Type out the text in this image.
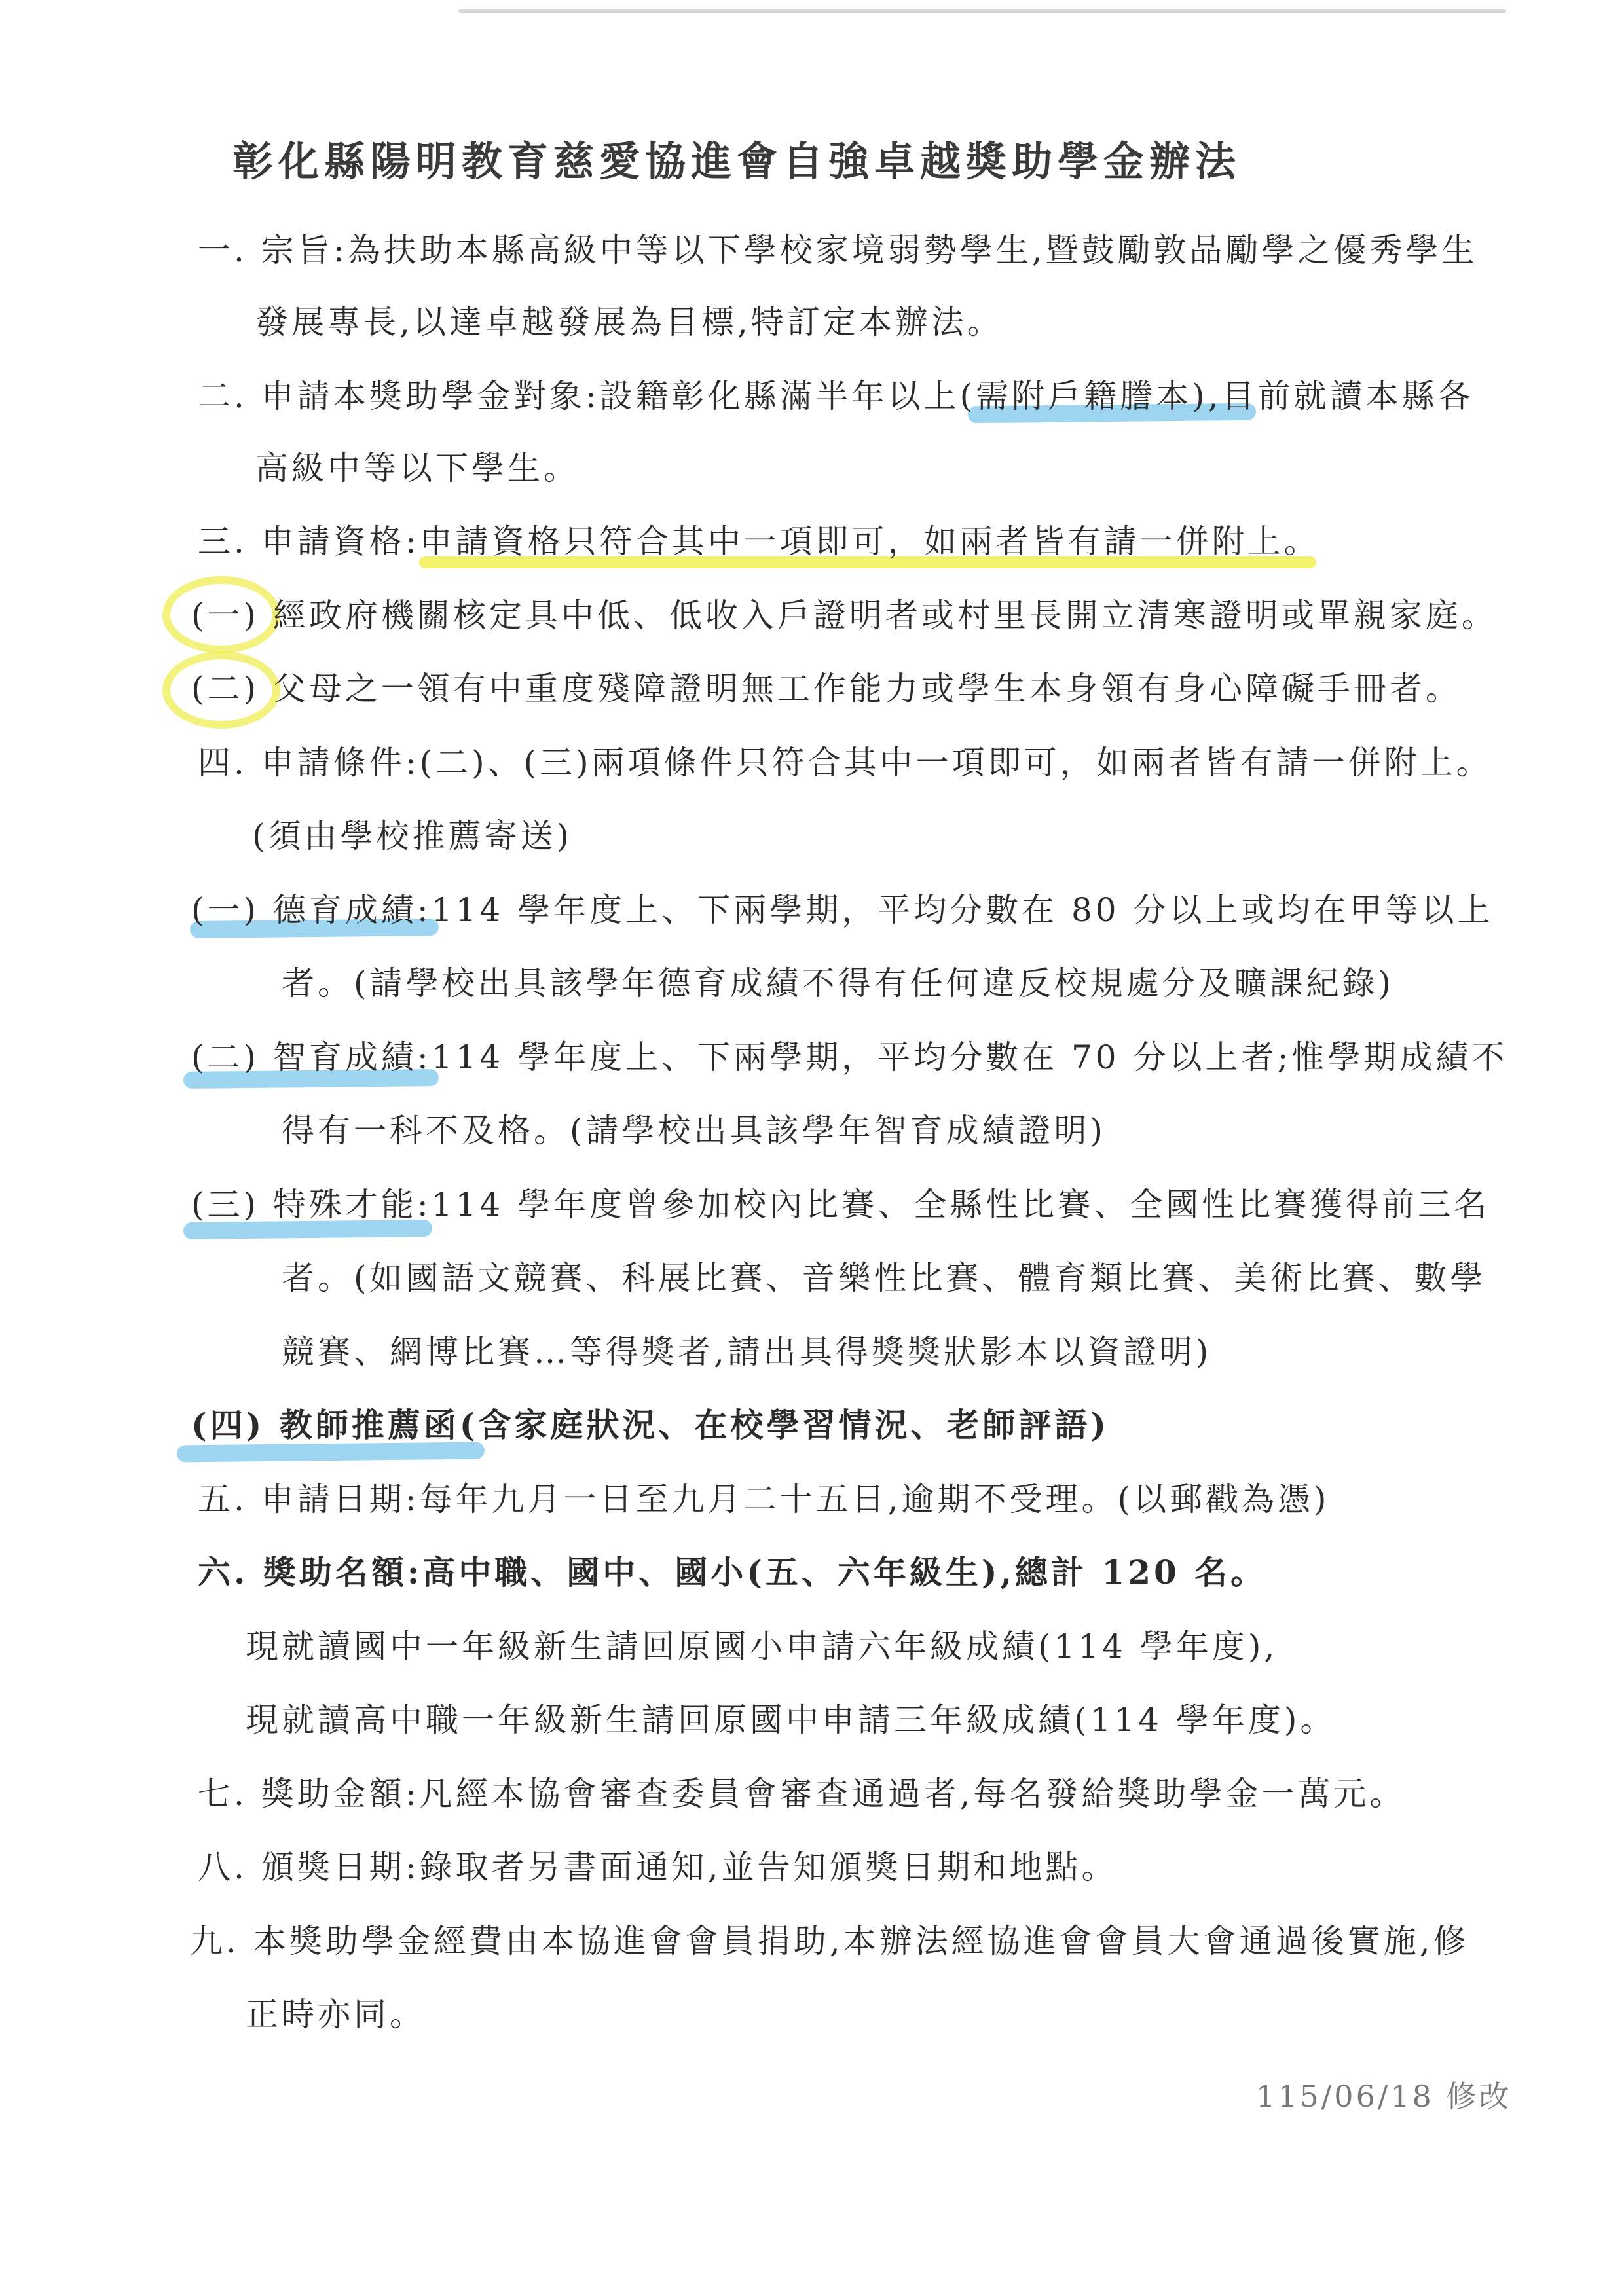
彰化縣陽明教育慈愛協進會自強卓越獎助學金辦法

一. 宗旨:為扶助本縣高級中等以下學校家境弱勢學生,暨鼓勵敦品勵學之優秀學生

發展專長,以達卓越發展為目標,特訂定本辦法。

二. 申請本獎助學金對象:設籍彰化縣滿半年以上(需附戶籍謄本),目前就讀本縣各

高級中等以下學生。

三. 申請資格:申請資格只符合其中一項即可，如兩者皆有請一併附上。

(一) 經政府機關核定具中低、低收入戶證明者或村里長開立清寒證明或單親家庭。

(二) 父母之一領有中重度殘障證明無工作能力或學生本身領有身心障礙手冊者。

四. 申請條件:(二)、(三)兩項條件只符合其中一項即可，如兩者皆有請一併附上。

(須由學校推薦寄送)

(一) 德育成績:114 學年度上、下兩學期，平均分數在 80 分以上或均在甲等以上

者。(請學校出具該學年德育成績不得有任何違反校規處分及曠課紀錄)

(二) 智育成績:114 學年度上、下兩學期，平均分數在 70 分以上者;惟學期成績不

得有一科不及格。(請學校出具該學年智育成績證明)

(三) 特殊才能:114 學年度曾參加校內比賽、全縣性比賽、全國性比賽獲得前三名

者。(如國語文競賽、科展比賽、音樂性比賽、體育類比賽、美術比賽、數學

競賽、網博比賽…等得獎者,請出具得獎獎狀影本以資證明)

(四) 教師推薦函(含家庭狀況、在校學習情況、老師評語)

五. 申請日期:每年九月一日至九月二十五日,逾期不受理。(以郵戳為憑)

六. 獎助名額:高中職、國中、國小(五、六年級生),總計 120 名。

現就讀國中一年級新生請回原國小申請六年級成績(114 學年度),

現就讀高中職一年級新生請回原國中申請三年級成績(114 學年度)。

七. 獎助金額:凡經本協會審查委員會審查通過者,每名發給獎助學金一萬元。

八. 頒獎日期:錄取者另書面通知,並告知頒獎日期和地點。

九. 本獎助學金經費由本協進會會員捐助,本辦法經協進會會員大會通過後實施,修

正時亦同。

115/06/18 修改
